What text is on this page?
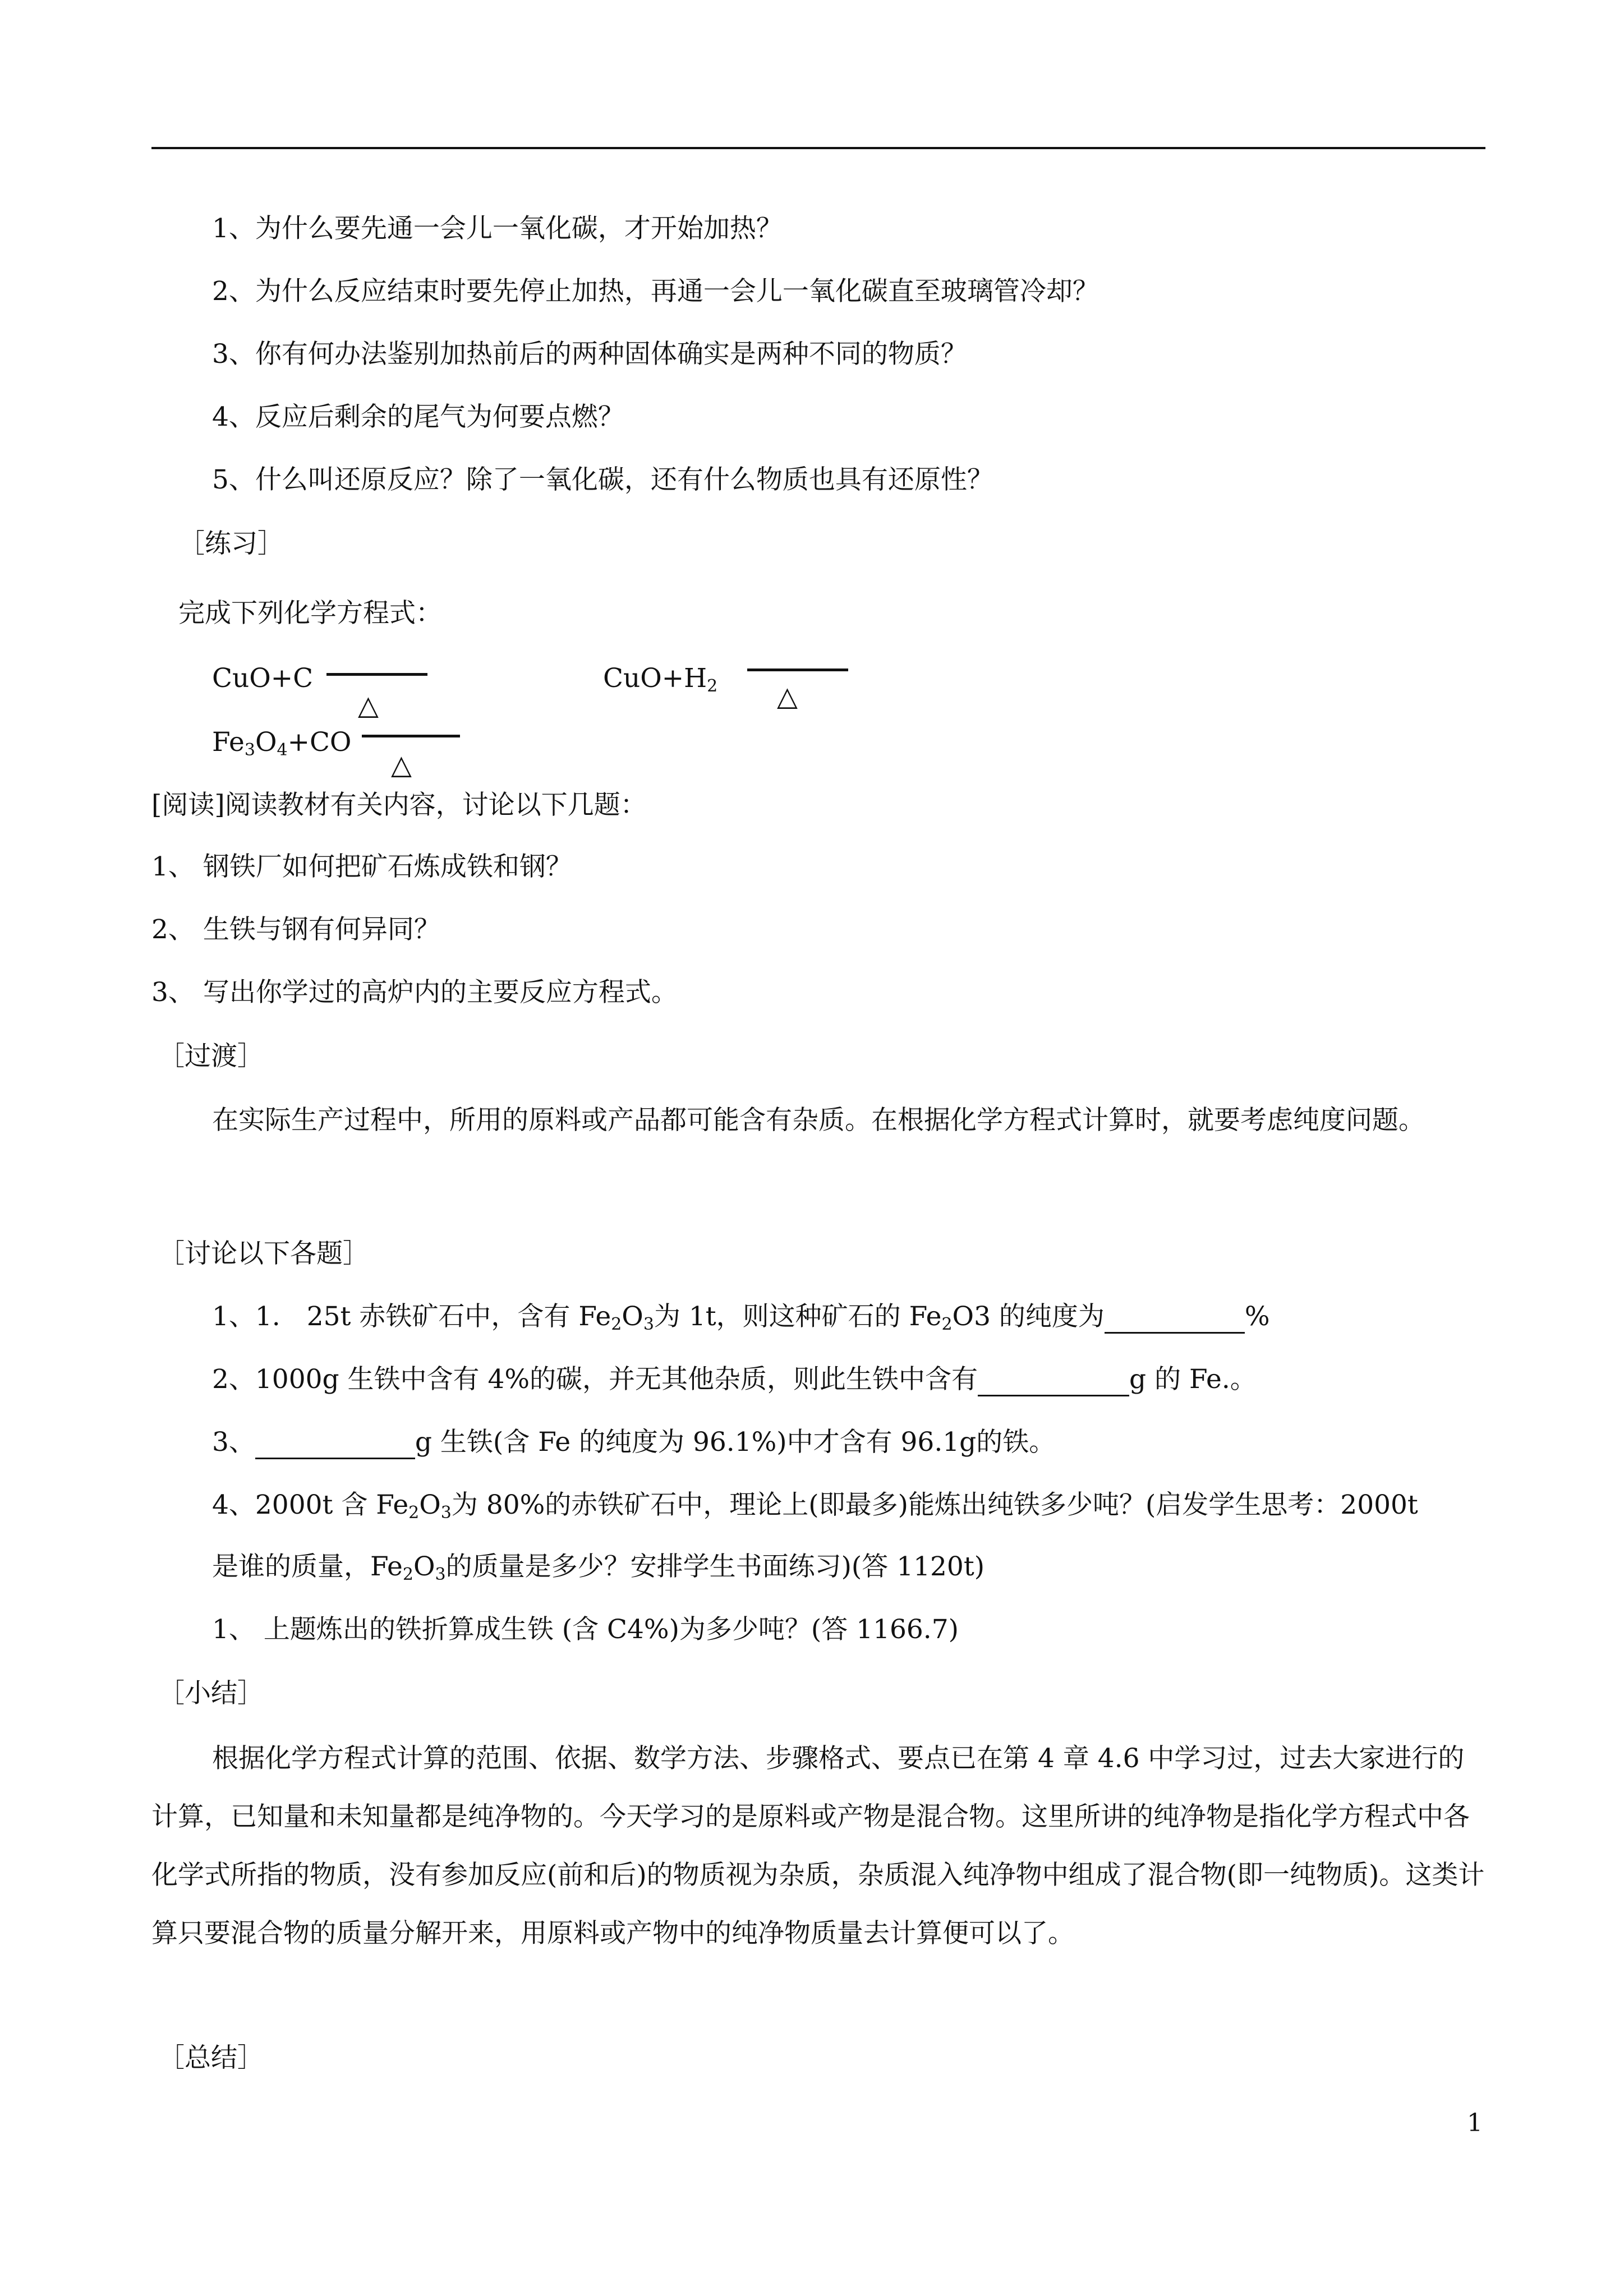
1、为什么要先通一会儿一氧化碳，才开始加热？
2、为什么反应结束时要先停止加热，再通一会儿一氧化碳直至玻璃管冷却？
3、你有何办法鉴别加热前后的两种固体确实是两种不同的物质？
4、反应后剩余的尾气为何要点燃？
5、什么叫还原反应？除了一氧化碳，还有什么物质也具有还原性？
［练习］
完成下列化学方程式：
CuO+C
△
$CuO+H_2$ △
$Fe_3O_4+CO$
△
[阅读]阅读教材有关内容，讨论以下几题：
1、 钢铁厂如何把矿石炼成铁和钢？
2、 生铁与钢有何异同？
3、 写出你学过的高炉内的主要反应方程式。
［过渡］
在实际生产过程中，所用的原料或产品都可能含有杂质。在根据化学方程式计算时，就要考虑纯度问题。
［讨论以下各题］
1、1.　25t 赤铁矿石中，含有 $Fe_2O_3$为 1t，则这种矿石的 $Fe_2O3$ 的纯度为	%
2、1000g 生铁中含有 4%的碳，并无其他杂质，则此生铁中含有	g 的 Fe.。
3、	g 生铁(含 Fe 的纯度为 96.1%)中才含有 96.1g的铁。
4、2000t 含 $Fe_2O_3$为 80%的赤铁矿石中，理论上(即最多)能炼出纯铁多少吨？(启发学生思考：2000t
是谁的质量，$Fe_2O_3$的质量是多少？安排学生书面练习)(答 1120t)
1、 上题炼出的铁折算成生铁 (含 C4%)为多少吨？(答 1166.7)
［小结］
根据化学方程式计算的范围、依据、数学方法、步骤格式、要点已在第 4 章 4.6 中学习过，过去大家进行的计算，已知量和未知量都是纯净物的。今天学习的是原料或产物是混合物。这里所讲的纯净物是指化学方程式中各化学式所指的物质，没有参加反应(前和后)的物质视为杂质，杂质混入纯净物中组成了混合物(即一纯物质)。这类计算只要混合物的质量分解开来，用原料或产物中的纯净物质量去计算便可以了。
［总结］
1
